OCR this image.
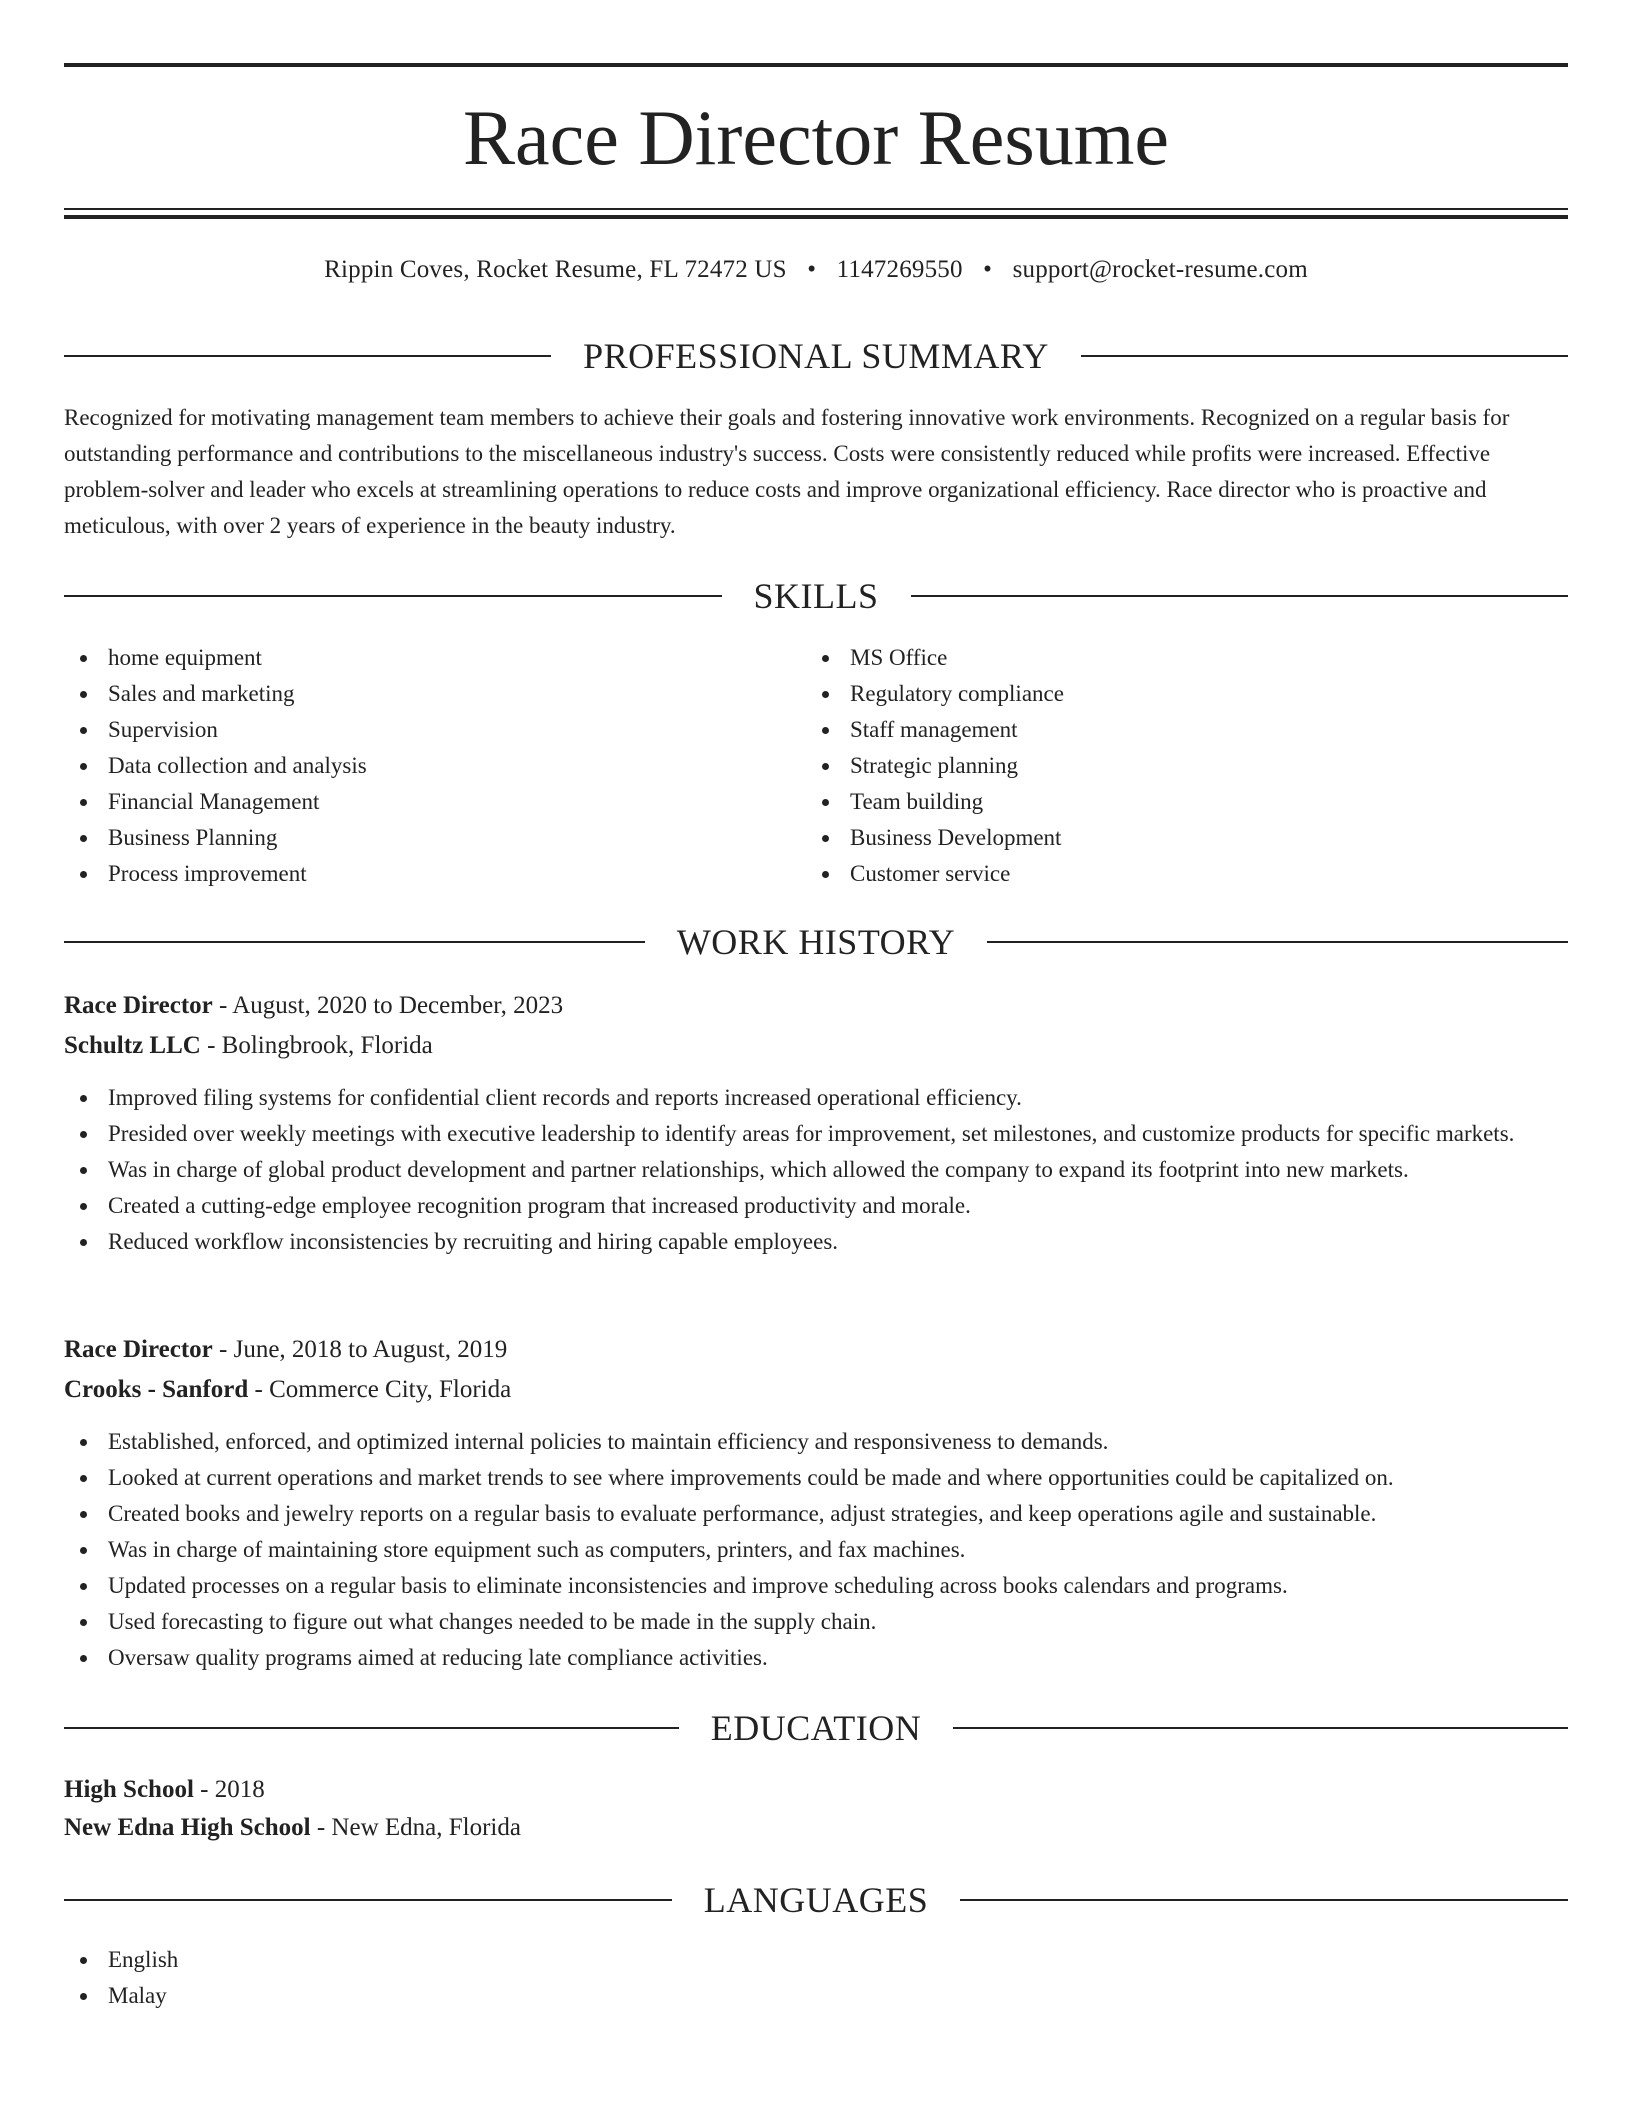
Race Director Resume
Rippin Coves, Rocket Resume, FL 72472 US • 1147269550 • support@rocket-resume.com
PROFESSIONAL SUMMARY

Recognized for motivating management team members to achieve their goals and fostering innovative work environments. Recognized on a regular basis for outstanding performance and contributions to the miscellaneous industry's success. Costs were consistently reduced while profits were increased. Effective problem-solver and leader who excels at streamlining operations to reduce costs and improve organizational efficiency. Race director who is proactive and meticulous, with over 2 years of experience in the beauty industry.

SKILLS
home equipment
Sales and marketing
Supervision
Data collection and analysis
Financial Management
Business Planning
Process improvement
MS Office
Regulatory compliance
Staff management
Strategic planning
Team building
Business Development
Customer service
WORK HISTORY
Race Director - August, 2020 to December, 2023
Schultz LLC - Bolingbrook, Florida
Improved filing systems for confidential client records and reports increased operational efficiency.
Presided over weekly meetings with executive leadership to identify areas for improvement, set milestones, and customize products for specific markets.
Was in charge of global product development and partner relationships, which allowed the company to expand its footprint into new markets.
Created a cutting-edge employee recognition program that increased productivity and morale.
Reduced workflow inconsistencies by recruiting and hiring capable employees.
Race Director - June, 2018 to August, 2019
Crooks - Sanford - Commerce City, Florida
Established, enforced, and optimized internal policies to maintain efficiency and responsiveness to demands.
Looked at current operations and market trends to see where improvements could be made and where opportunities could be capitalized on.
Created books and jewelry reports on a regular basis to evaluate performance, adjust strategies, and keep operations agile and sustainable.
Was in charge of maintaining store equipment such as computers, printers, and fax machines.
Updated processes on a regular basis to eliminate inconsistencies and improve scheduling across books calendars and programs.
Used forecasting to figure out what changes needed to be made in the supply chain.
Oversaw quality programs aimed at reducing late compliance activities.
EDUCATION
High School - 2018
New Edna High School - New Edna, Florida
LANGUAGES
English
Malay
